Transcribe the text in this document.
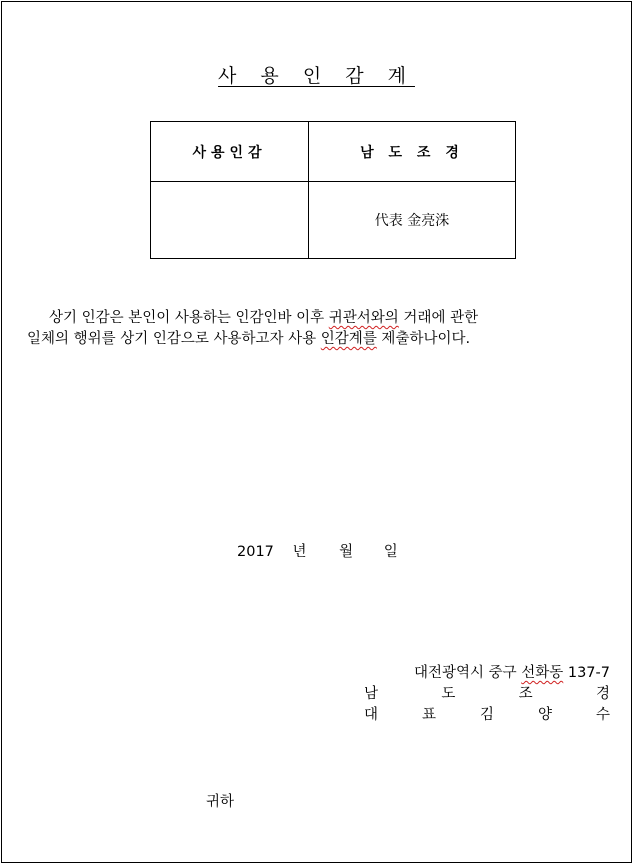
사 용 인 감 계
사용인감	남 도 조 경
	代表 金亮洙

상기 인감은 본인이 사용하는 인감인바 이후 귀관서와의 거래에 관한

일체의 행위를 상기 인감으로 사용하고자 사용 인감계를 제출하나이다.

2017 년 월 일
대전광역시 중구 선화동 137-7
남	도	조	경
대	표	김	양	수
귀하
